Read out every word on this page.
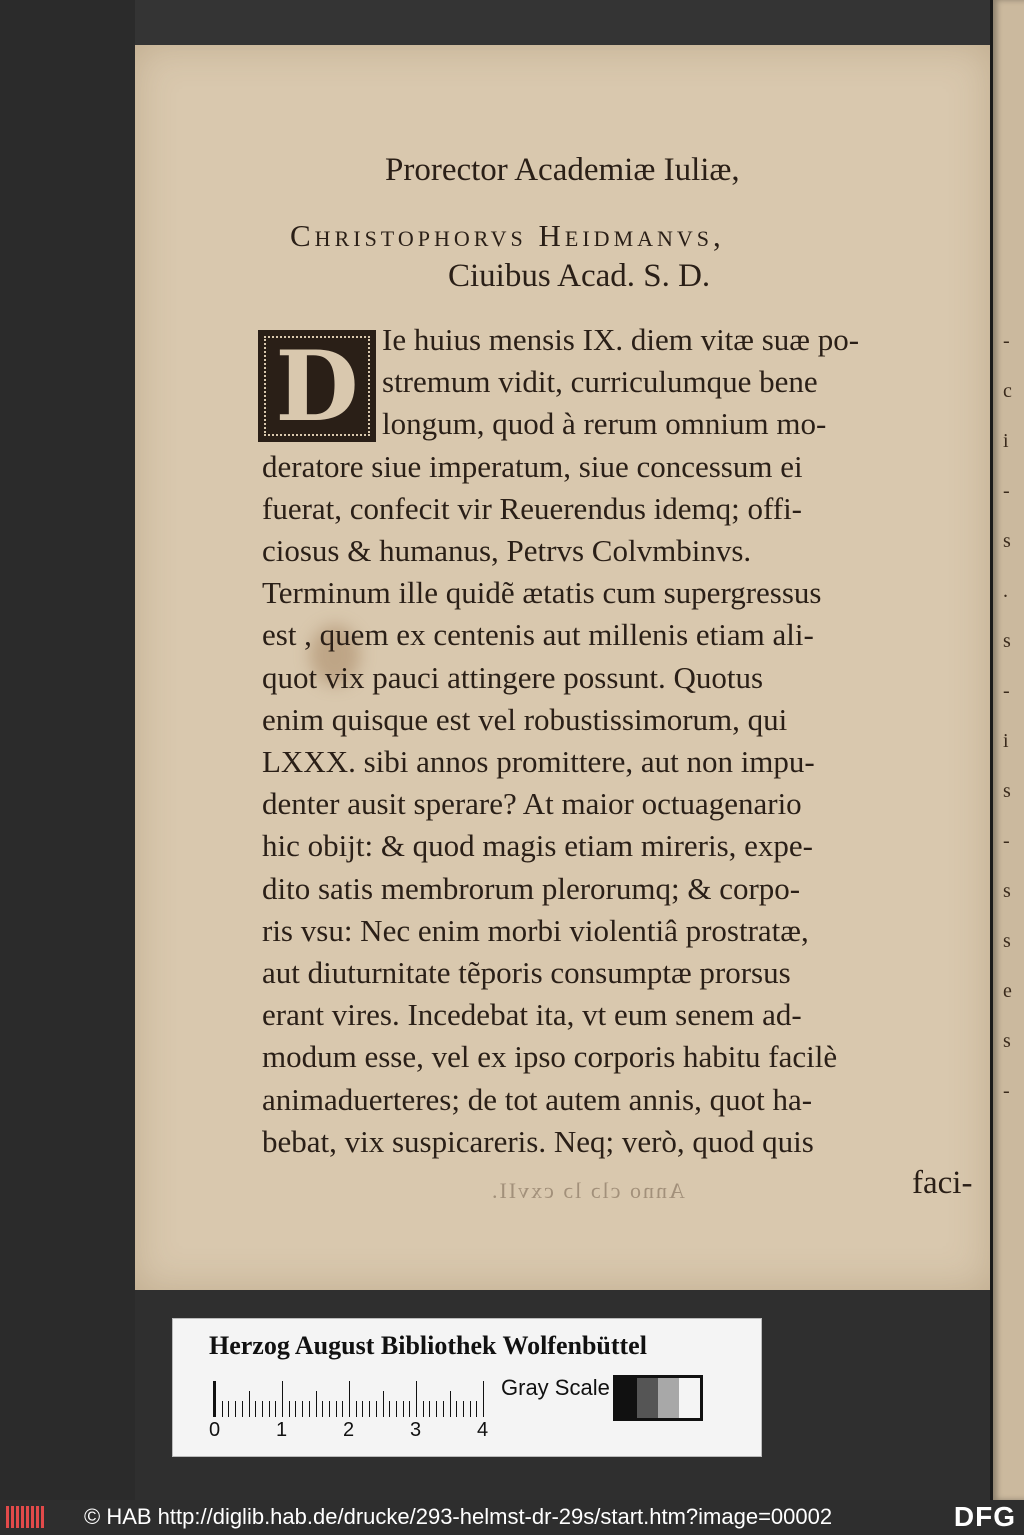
-
c
i
-
s
.
s
-
i
s
-
s
s
e
s
-
Prorector Academiæ Iuliæ,
Christophorvs Heidmanvs,
Ciuibus Acad. S. D.
D Ie huius mensis IX. diem vitæ suæ po-
stremum vidit, curriculumque bene
longum, quod à rerum omnium mo-
deratore siue imperatum, siue concessum ei
fuerat, confecit vir Reuerendus idemq; offi-
ciosus & humanus, Petrvs Colvmbinvs.
Terminum ille quidẽ ætatis cum supergressus
est , quem ex centenis aut millenis etiam ali-
quot vix pauci attingere possunt. Quotus
enim quisque est vel robustissimorum, qui
LXXX. sibi annos promittere, aut non impu-
denter ausit sperare? At maior octuagenario
hic obijt: & quod magis etiam mireris, expe-
dito satis membrorum plerorumq; & corpo-
ris vsu: Nec enim morbi violentiâ prostratæ,
aut diuturnitate tẽporis consumptæ prorsus
erant vires. Incedebat ita, vt eum senem ad-
modum esse, vel ex ipso corporis habitu facilè
animaduerteres; de tot autem annis, quot ha-
bebat, vix suspicareris. Neq; verò, quod quis
faci-
Anno clɔ lɔ cxvII.
Herzog August Bibliothek Wolfenbüttel
0	1	2	3	4
Gray Scale
© HAB http://diglib.hab.de/drucke/293-helmst-dr-29s/start.htm?image=00002	DFG
